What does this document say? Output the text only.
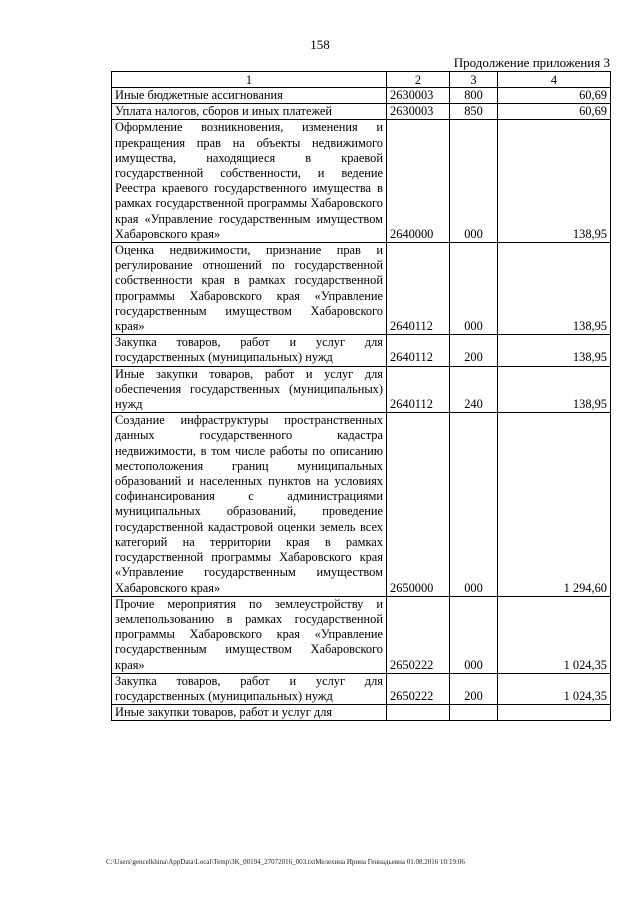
158
Продолжение приложения 3
1	2	3	4
Иные бюджетные ассигнования	2630003	800	60,69
Уплата налогов, сборов и иных платежей	2630003	850	60,69
Оформление возникновения, изменения и прекращения прав на объекты недвижимого имущества, находящиеся в краевой государственной собственности, и ведение Реестра краевого государственного имущества в рамках государственной программы Хабаровского края «Управление государственным имуществом Хабаровского края»	2640000	000	138,95
Оценка недвижимости, признание прав и регулирование отношений по государственной собственности края в рамках государственной программы Хабаровского края «Управление государственным имуществом Хабаровского края»	2640112	000	138,95
Закупка товаров, работ и услуг для государственных (муниципальных) нужд	2640112	200	138,95
Иные закупки товаров, работ и услуг для обеспечения государственных (муниципальных) нужд	2640112	240	138,95
Создание инфраструктуры пространственных данных государственного кадастра недвижимости, в том числе работы по описанию местоположения границ муниципальных образований и населенных пунктов на условиях софинансирования с администрациями муниципальных образований, проведение государственной кадастровой оценки земель всех категорий на территории края в рамках государственной программы Хабаровского края «Управление государственным имуществом Хабаровского края»	2650000	000	1 294,60
Прочие мероприятия по землеустройству и землепользованию в рамках государственной программы Хабаровского края «Управление государственным имуществом Хабаровского края»	2650222	000	1 024,35
Закупка товаров, работ и услуг для государственных (муниципальных) нужд	2650222	200	1 024,35
Иные закупки товаров, работ и услуг для			
C:\Users\gencelkhina\AppData\Local\Temp\3K_00194_27072016_003.txtМелехина Ирина Геннадьевна 01.08.2016 10:19:06
